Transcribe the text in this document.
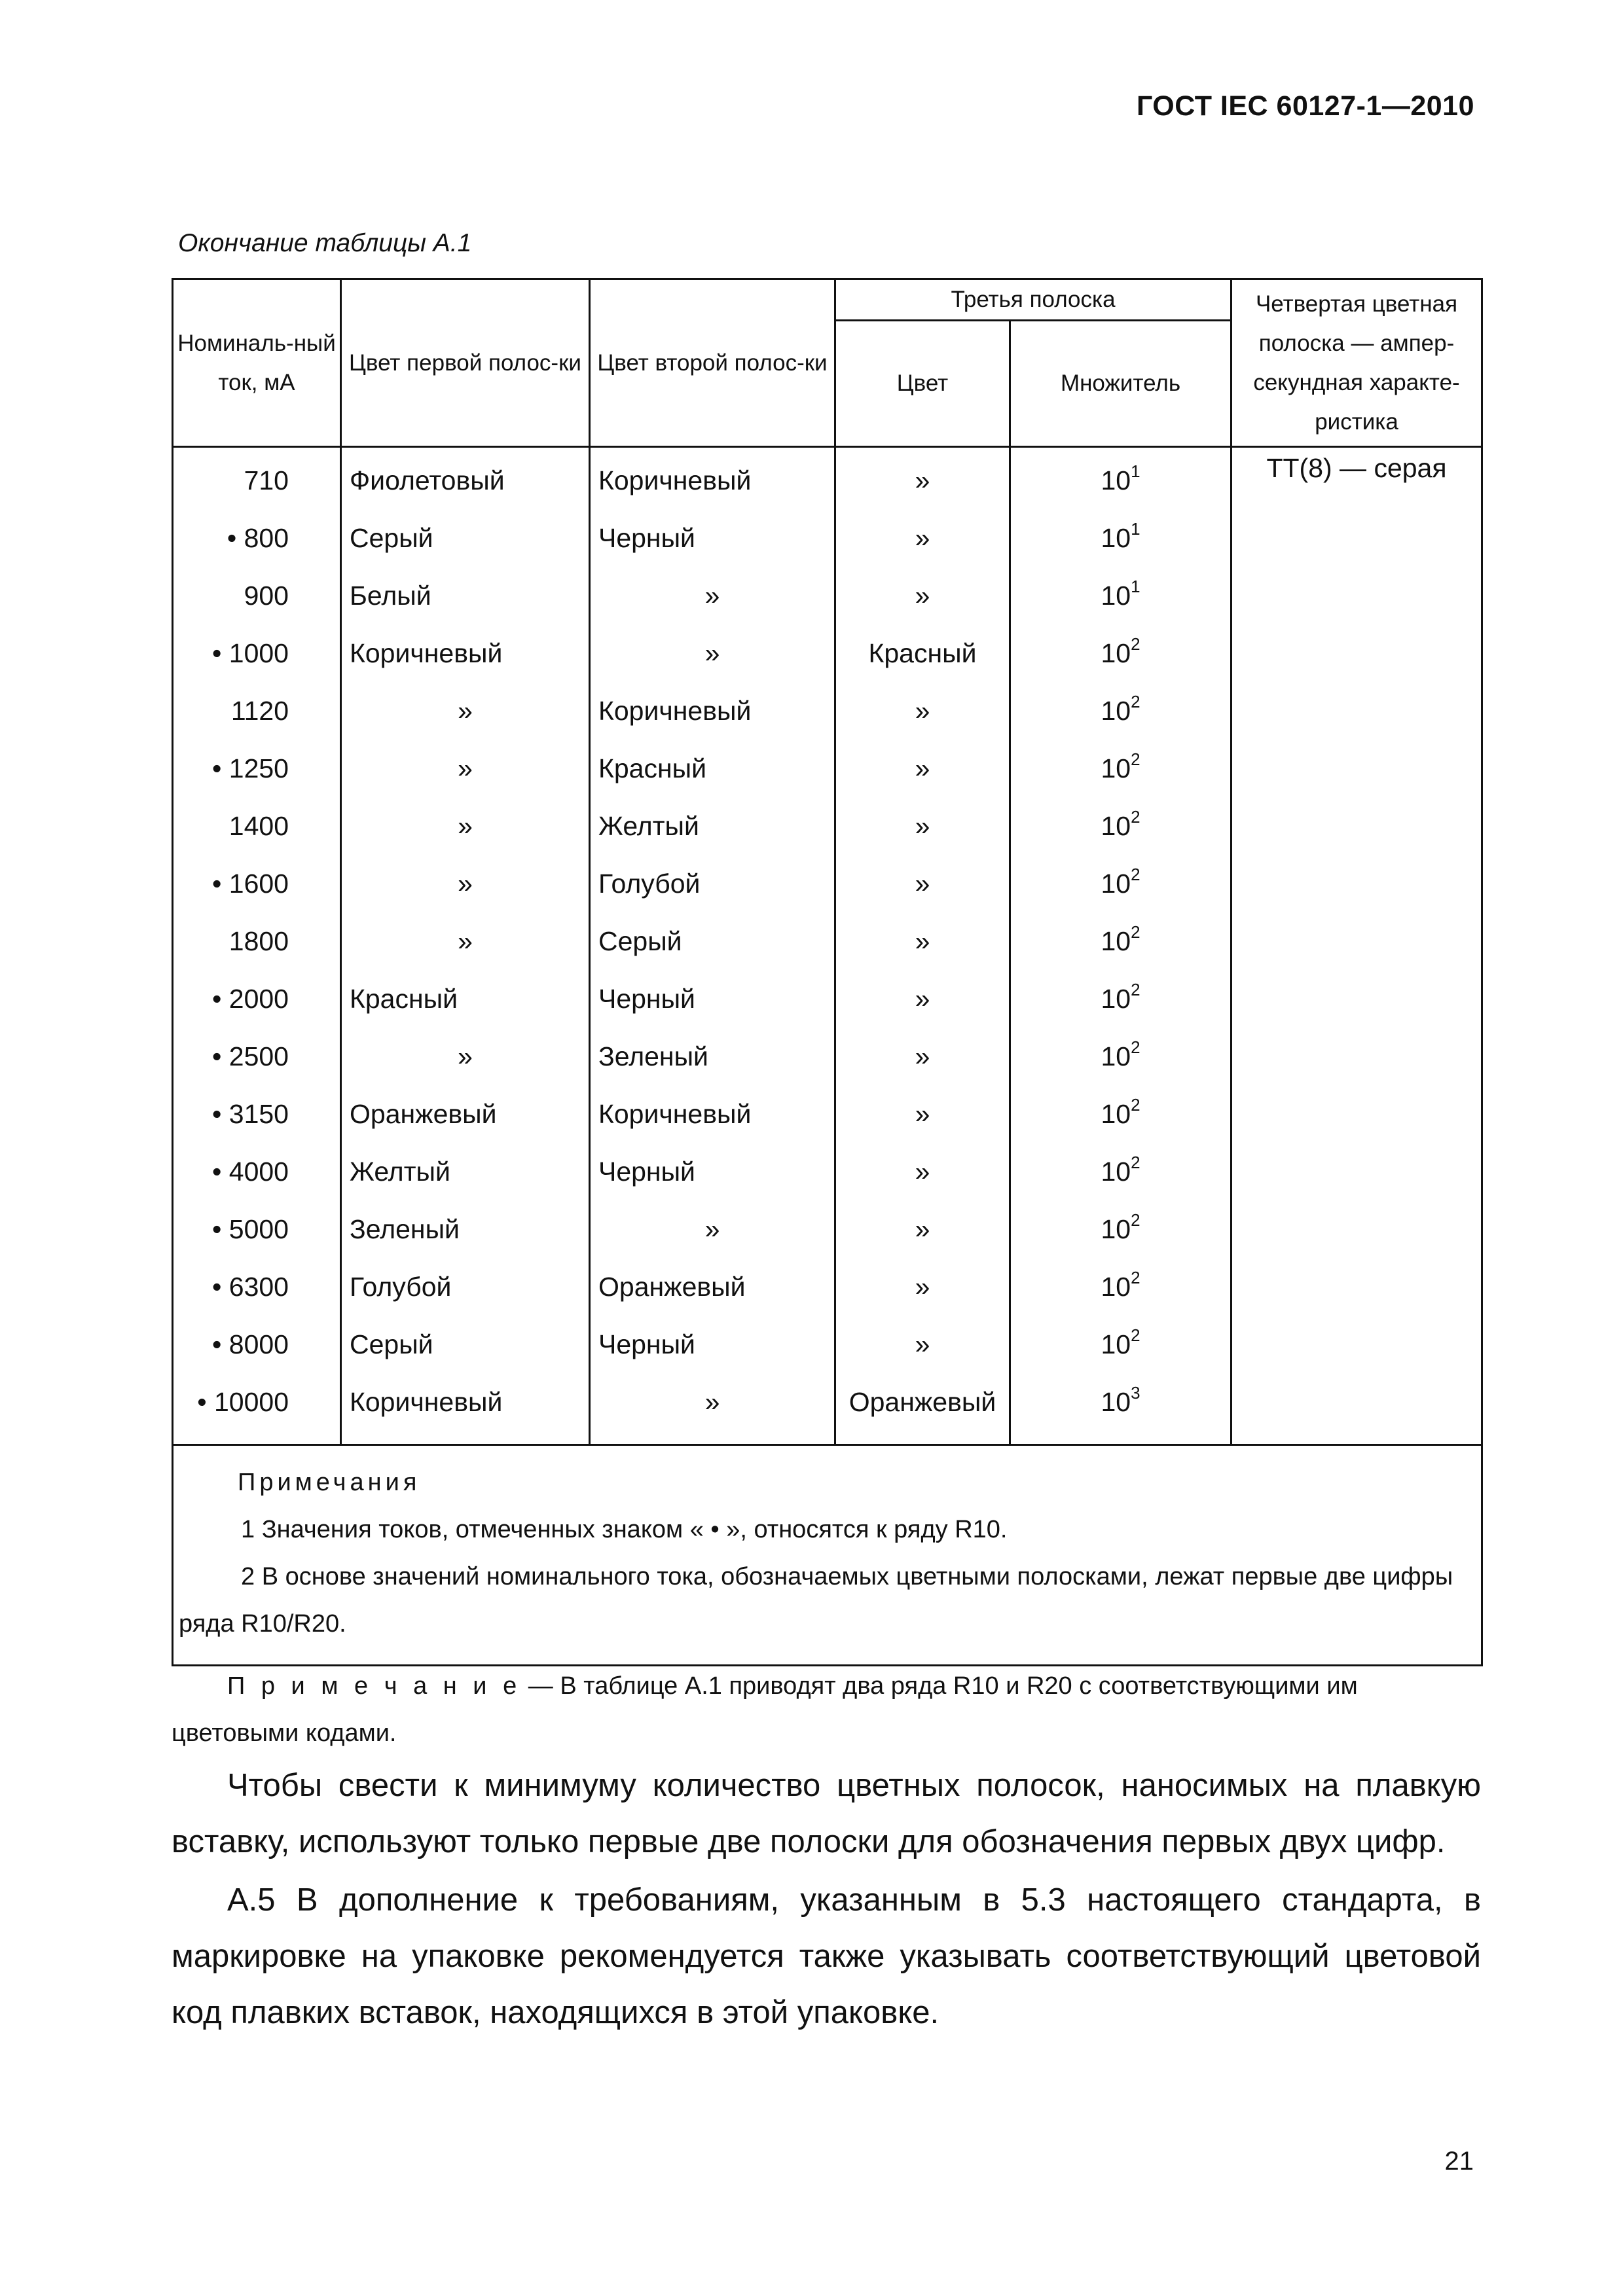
ГОСТ IEC 60127-1—2010
Окончание таблицы А.1
Номиналь-ный ток, мА	Цвет первой полос-ки	Цвет второй полос-ки	Третья полоска		Четвертая цветная полоска — ампер-секундная характе-ристика
			Цвет	Множитель	
710	Фиолетовый	Коричневый	»	$10^1$	TT(8) — серая
• 800	Серый	Черный	»	$10^1$
900	Белый	»	»	$10^1$
• 1000	Коричневый	»	Красный	$10^2$
1120	»	Коричневый	»	$10^2$
• 1250	»	Красный	»	$10^2$
1400	»	Желтый	»	$10^2$
• 1600	»	Голубой	»	$10^2$
1800	»	Серый	»	$10^2$
• 2000	Красный	Черный	»	$10^2$
• 2500	»	Зеленый	»	$10^2$
• 3150	Оранжевый	Коричневый	»	$10^2$
• 4000	Желтый	Черный	»	$10^2$
• 5000	Зеленый	»	»	$10^2$
• 6300	Голубой	Оранжевый	»	$10^2$
• 8000	Серый	Черный	»	$10^2$
• 10000	Коричневый	»	Оранжевый	$10^3$

Примечания
1 Значения токов, отмеченных знаком « • », относятся к ряду R10.
2 В основе значений номинального тока, обозначаемых цветными полосками, лежат первые две цифры ряда R10/R20.					
П р и м е ч а н и е — В таблице А.1 приводят два ряда R10 и R20 с соответствующими им цветовыми кодами.
Чтобы свести к минимуму количество цветных полосок, наносимых на плавкую вставку, используют только первые две полоски для обозначения первых двух цифр.
А.5 В дополнение к требованиям, указанным в 5.3 настоящего стандарта, в маркировке на упаковке рекомендуется также указывать соответствующий цветовой код плавких вставок, находящихся в этой упаковке.
21
